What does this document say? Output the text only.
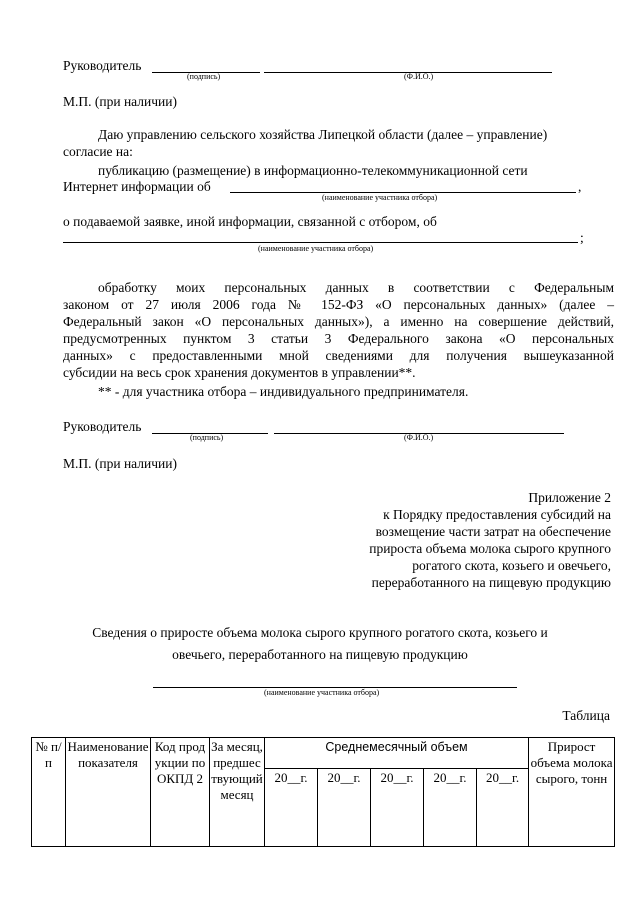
Руководитель
(подпись)	(Ф.И.О.)
М.П. (при наличии)
Даю управлению сельского хозяйства Липецкой области (далее – управление)
согласие на:
публикацию (размещение) в информационно-телекоммуникационной сети
Интернет информации об	,
(наименование участника отбора)
о подаваемой заявке, иной информации, связанной с отбором, об
;
(наименование участника отбора)
обработку моих персональных данных в соответствии с Федеральным
законом от 27 июля 2006 года № 152-ФЗ «О персональных данных» (далее –
Федеральный закон «О персональных данных»), а именно на совершение действий,
предусмотренных пунктом 3 статьи 3 Федерального закона «О персональных
данных» с предоставленными мной сведениями для получения вышеуказанной
субсидии на весь срок хранения документов в управлении**.
** - для участника отбора – индивидуального предпринимателя.
Руководитель
(подпись)	(Ф.И.О.)
М.П. (при наличии)
Приложение 2
к Порядку предоставления субсидий на
возмещение части затрат на обеспечение
прироста объема молока сырого крупного
рогатого скота, козьего и овечьего,
переработанного на пищевую продукцию
Сведения о приросте объема молока сырого крупного рогатого скота, козьего и
овечьего, переработанного на пищевую продукцию
(наименование участника отбора)
Таблица
№ п/п	Наименование показателя	Код продукции по ОКПД 2	За месяц, предшествующий месяц	Среднемесячный объем					Прирост объема молока сырого, тонн
				20__г.	20__г.	20__г.	20__г.	20__г.	
